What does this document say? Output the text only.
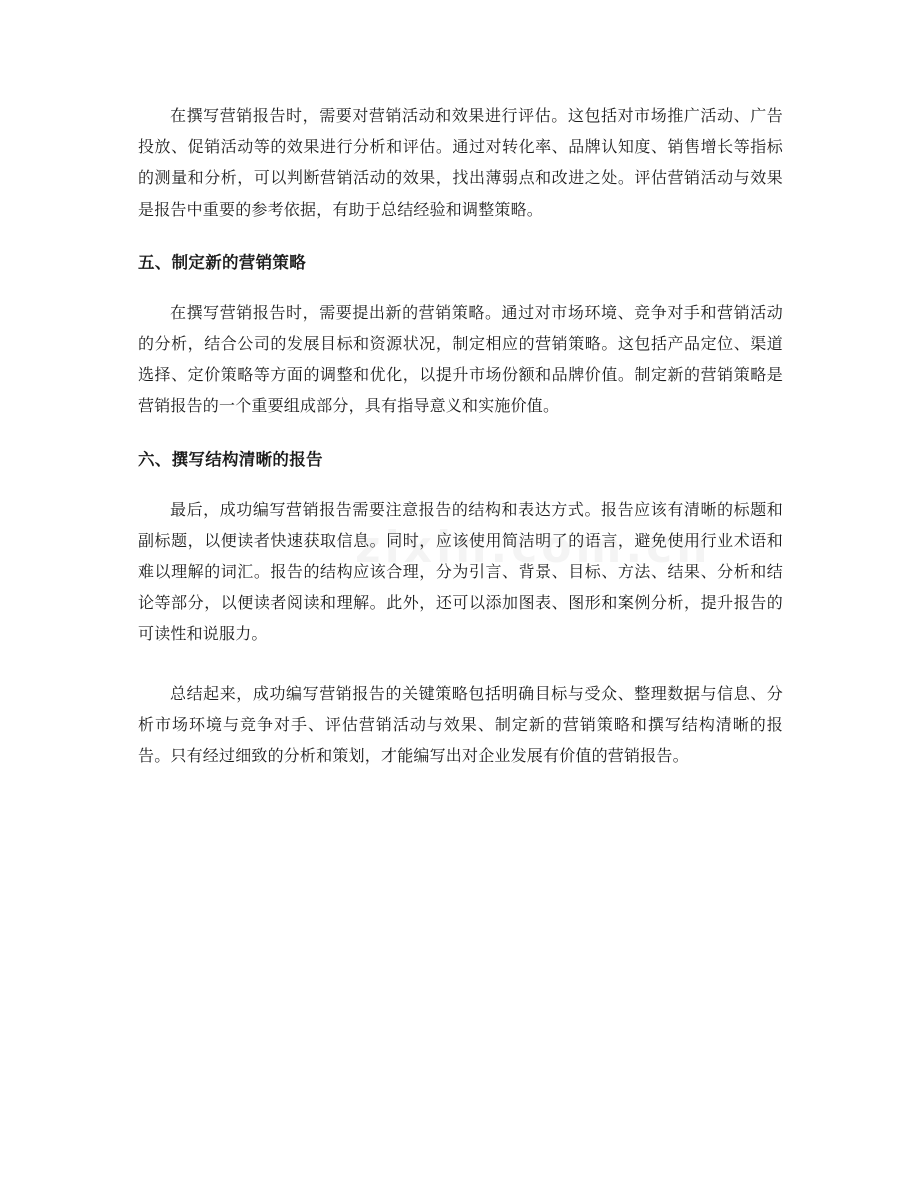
在撰写营销报告时，需要对营销活动和效果进行评估。这包括对市场推广活动、广告投放、促销活动等的效果进行分析和评估。通过对转化率、品牌认知度、销售增长等指标的测量和分析，可以判断营销活动的效果，找出薄弱点和改进之处。评估营销活动与效果是报告中重要的参考依据，有助于总结经验和调整策略。

五、制定新的营销策略

在撰写营销报告时，需要提出新的营销策略。通过对市场环境、竞争对手和营销活动的分析，结合公司的发展目标和资源状况，制定相应的营销策略。这包括产品定位、渠道选择、定价策略等方面的调整和优化，以提升市场份额和品牌价值。制定新的营销策略是营销报告的一个重要组成部分，具有指导意义和实施价值。

六、撰写结构清晰的报告

最后，成功编写营销报告需要注意报告的结构和表达方式。报告应该有清晰的标题和副标题，以便读者快速获取信息。同时，应该使用简洁明了的语言，避免使用行业术语和难以理解的词汇。报告的结构应该合理，分为引言、背景、目标、方法、结果、分析和结论等部分，以便读者阅读和理解。此外，还可以添加图表、图形和案例分析，提升报告的可读性和说服力。

总结起来，成功编写营销报告的关键策略包括明确目标与受众、整理数据与信息、分析市场环境与竞争对手、评估营销活动与效果、制定新的营销策略和撰写结构清晰的报告。只有经过细致的分析和策划，才能编写出对企业发展有价值的营销报告。
